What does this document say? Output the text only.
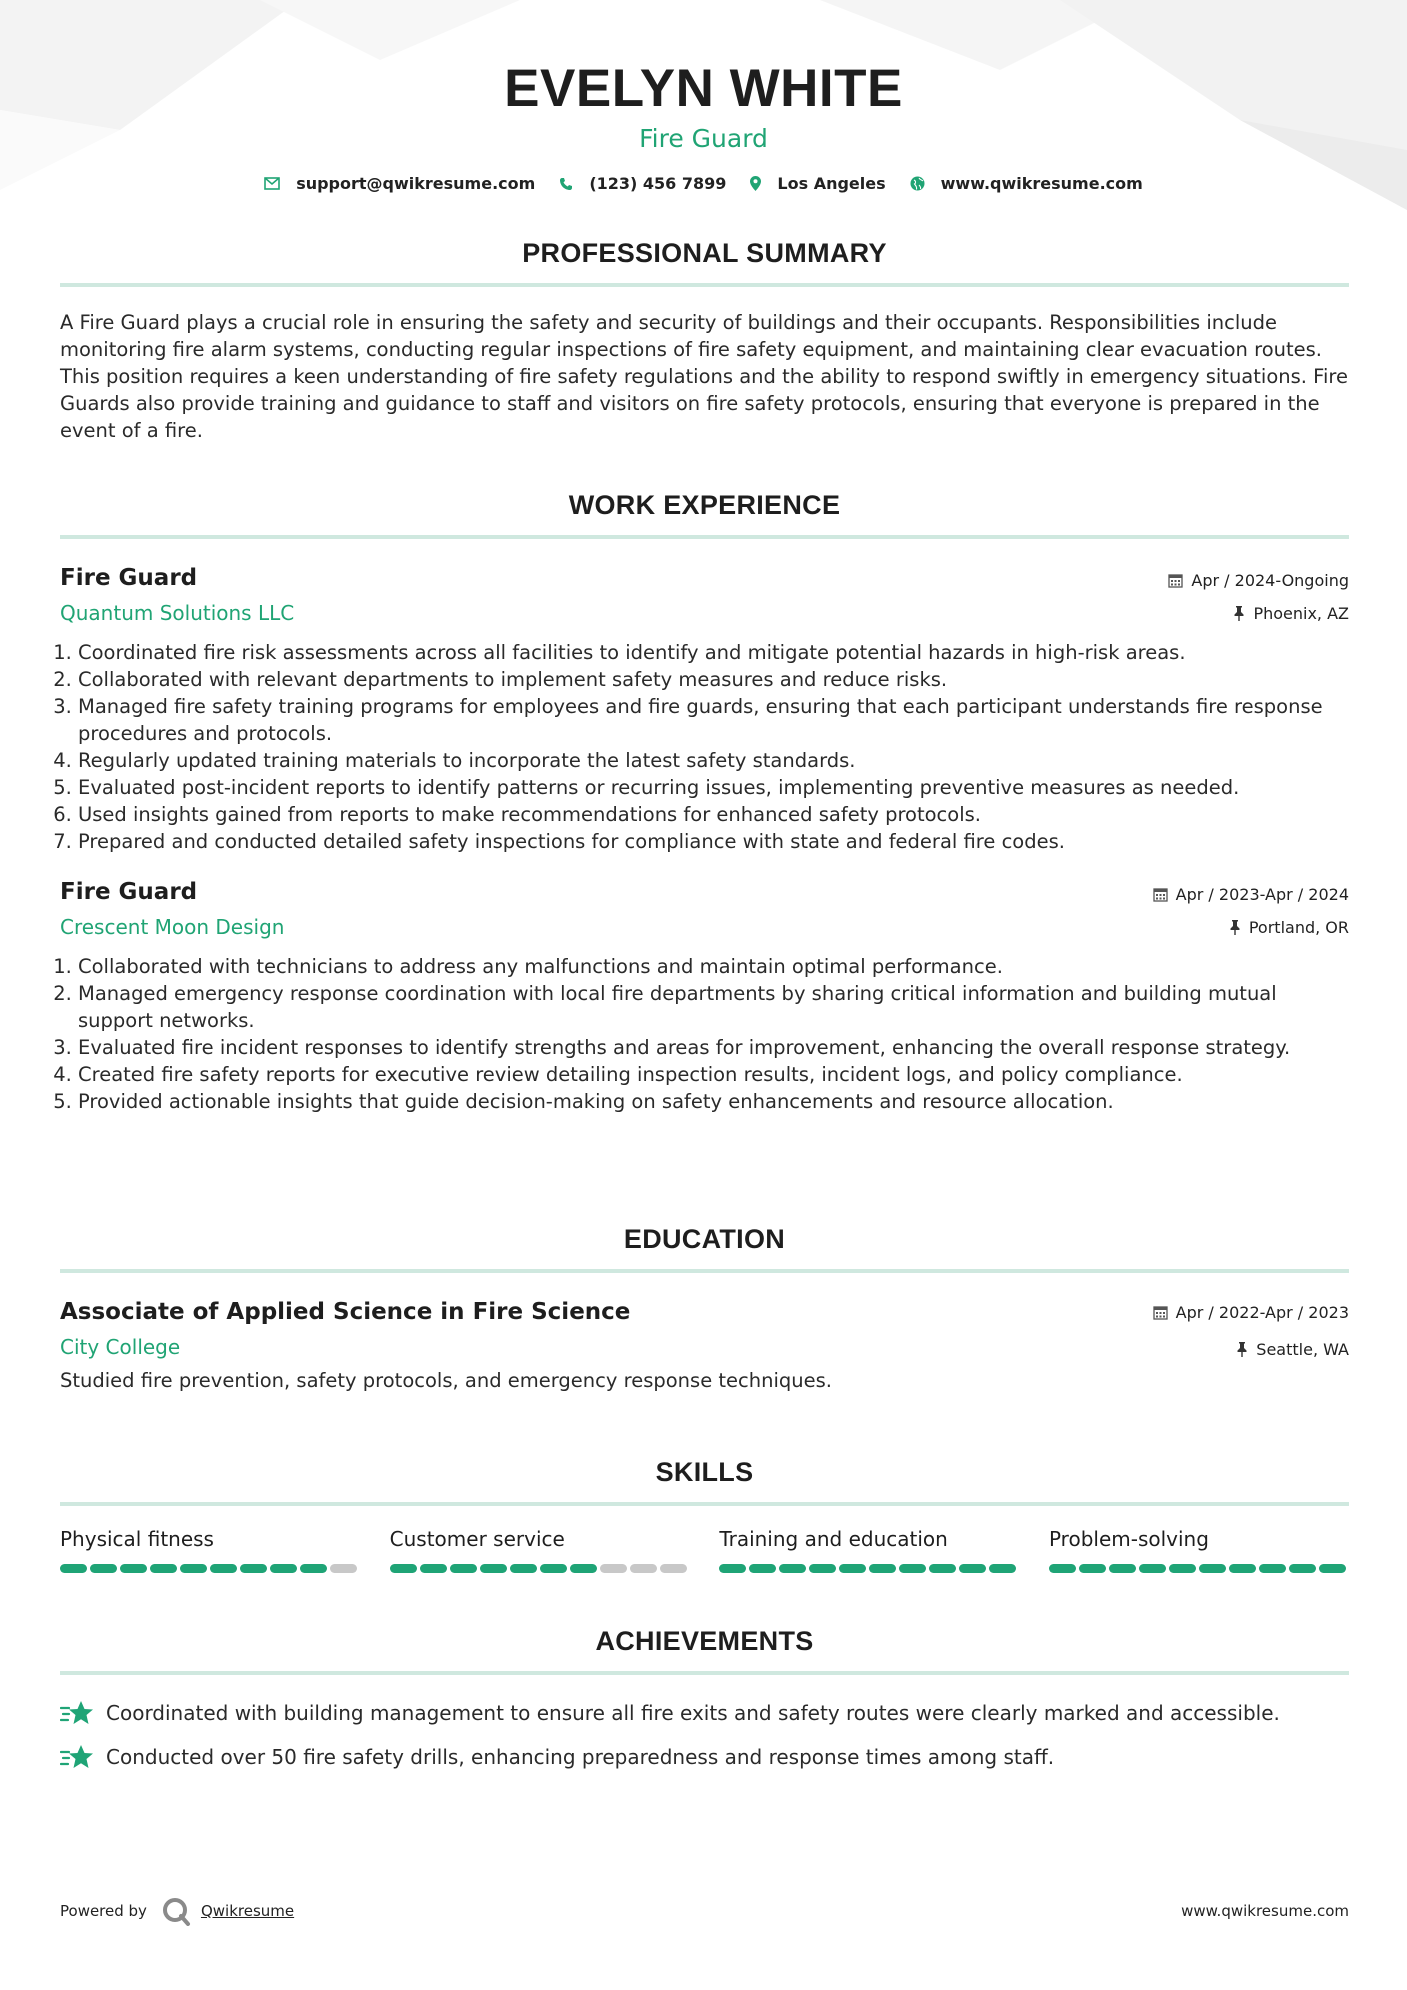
EVELYN WHITE
Fire Guard
support@qwikresume.com	(123) 456 7899	Los Angeles	www.qwikresume.com
PROFESSIONAL SUMMARY

A Fire Guard plays a crucial role in ensuring the safety and security of buildings and their occupants. Responsibilities include monitoring fire alarm systems, conducting regular inspections of fire safety equipment, and maintaining clear evacuation routes. This position requires a keen understanding of fire safety regulations and the ability to respond swiftly in emergency situations. Fire Guards also provide training and guidance to staff and visitors on fire safety protocols, ensuring that everyone is prepared in the event of a fire.

WORK EXPERIENCE
Fire Guard
Quantum Solutions LLC
Apr / 2024-Ongoing
Phoenix, AZ
1. Coordinated fire risk assessments across all facilities to identify and mitigate potential hazards in high-risk areas.
2. Collaborated with relevant departments to implement safety measures and reduce risks.
3. Managed fire safety training programs for employees and fire guards, ensuring that each participant understands fire response procedures and protocols.
4. Regularly updated training materials to incorporate the latest safety standards.
5. Evaluated post-incident reports to identify patterns or recurring issues, implementing preventive measures as needed.
6. Used insights gained from reports to make recommendations for enhanced safety protocols.
7. Prepared and conducted detailed safety inspections for compliance with state and federal fire codes.
Fire Guard
Crescent Moon Design
Apr / 2023-Apr / 2024
Portland, OR
1. Collaborated with technicians to address any malfunctions and maintain optimal performance.
2. Managed emergency response coordination with local fire departments by sharing critical information and building mutual support networks.
3. Evaluated fire incident responses to identify strengths and areas for improvement, enhancing the overall response strategy.
4. Created fire safety reports for executive review detailing inspection results, incident logs, and policy compliance.
5. Provided actionable insights that guide decision-making on safety enhancements and resource allocation.
EDUCATION
Associate of Applied Science in Fire Science
City College
Apr / 2022-Apr / 2023
Seattle, WA

Studied fire prevention, safety protocols, and emergency response techniques.

SKILLS
Physical fitness	Customer service	Training and education	Problem-solving
ACHIEVEMENTS
Coordinated with building management to ensure all fire exits and safety routes were clearly marked and accessible.
Conducted over 50 fire safety drills, enhancing preparedness and response times among staff.
Powered by	Qwikresume	www.qwikresume.com
